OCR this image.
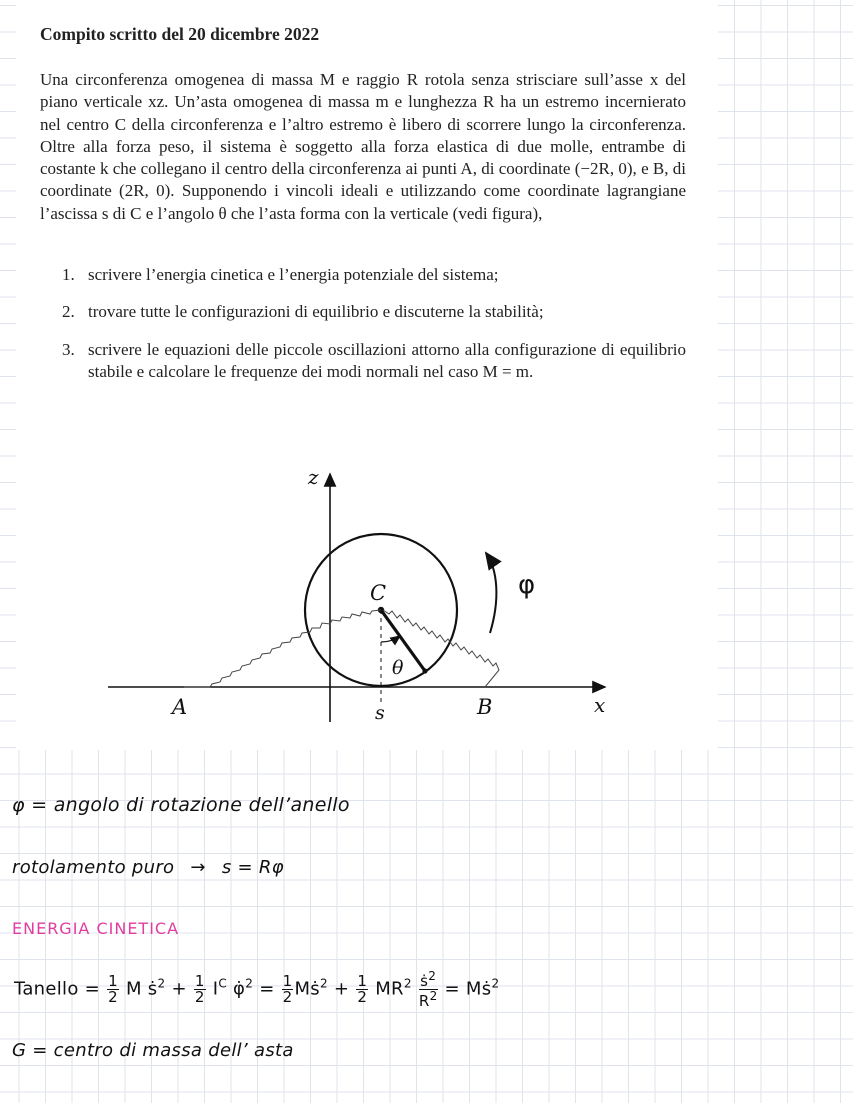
Compito scritto del 20 dicembre 2022

Una circonferenza omogenea di massa M e raggio R rotola senza strisciare sull’asse x del piano verticale xz. Un’asta omogenea di massa m e lunghezza R ha un estremo incernierato nel centro C della circonferenza e l’altro estremo è libero di scorrere lungo la circonferenza. Oltre alla forza peso, il sistema è soggetto alla forza elastica di due molle, entrambe di costante k che collegano il centro della circonferenza ai punti A, di coordinate (−2R, 0), e B, di coordinate (2R, 0). Supponendo i vincoli ideali e utilizzando come coordinate lagrangiane l’ascissa s di C e l’angolo θ che l’asta forma con la verticale (vedi figura),

1. scrivere l’energia cinetica e l’energia potenziale del sistema;
2. trovare tutte le configurazioni di equilibrio e discuterne la stabilità;
3. scrivere le equazioni delle piccole oscillazioni attorno alla configurazione di equilibrio stabile e calcolare le frequenze dei modi normali nel caso M = m.
z
x
A	B
C
s
θ
φ
φ = angolo di rotazione dell’anello
rotolamento puro → s = Rφ
ENERGIA CINETICA
Tanello = $\frac{1}{2}$ M ṡ$^2$ + $\frac{1}{2} I^C$ φ̇$^2$ = $\frac{1}{2}$ Mṡ$^2$ + $\frac{1}{2} MR^2 \frac{ṡ^2}{R^2}$ = Mṡ$^2$
G = centro di massa dell’ asta
